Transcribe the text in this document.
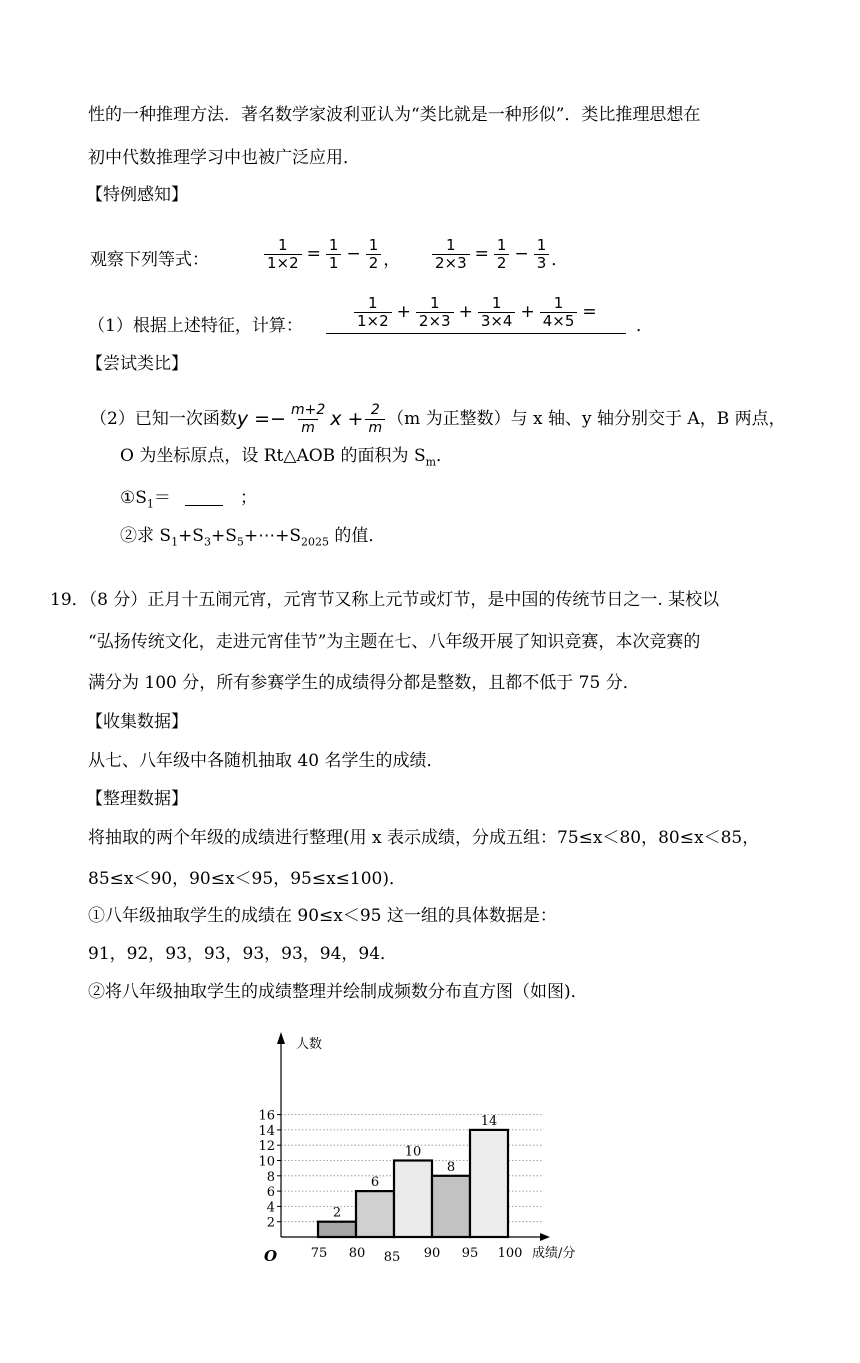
性的一种推理方法．著名数学家波利亚认为“类比就是一种形似”．类比推理思想在
初中代数推理学习中也被广泛应用．
【特例感知】
观察下列等式：	$\frac{1}{1\times 2} = \frac{1}{1} - \frac{1}{2}$ ， $\frac{1}{2\times 3} = \frac{1}{2} - \frac{1}{3}$ ．
（1）根据上述特征，计算：	$\frac{1}{1\times 2} + \frac{1}{2\times 3} + \frac{1}{3\times 4} + \frac{1}{4\times 5}$ =
．
【尝试类比】
（2）已知一次函数 $y =- \frac{m+2}{m}$ $x + \frac{2}{m} (m$ 为正整数）与 x 轴、y 轴分别交于 A，B 两点，
O 为坐标原点，设 Rt△AOB 的面积为 $S_m$．
$①S_1=$	；
②求 $S_1+S_3+S_5+\cdots+S_{2025}$ 的值．
19．（8 分）正月十五闹元宵，元宵节又称上元节或灯节，是中国的传统节日之一. 某校以
“弘扬传统文化，走进元宵佳节”为主题在七、八年级开展了知识竞赛，本次竞赛的
满分为 100 分，所有参赛学生的成绩得分都是整数，且都不低于 75 分．
【收集数据】
从七、八年级中各随机抽取 40 名学生的成绩．
【整理数据】
将抽取的两个年级的成绩进行整理(用 x 表示成绩，分成五组：75≤x＜80，80≤x＜85，
85≤x＜90，90≤x＜95，95≤x≤100)．
①八年级抽取学生的成绩在 90≤x＜95 这一组的具体数据是：
91，92，93，93，93，93，94，94．
②将八年级抽取学生的成绩整理并绘制成频数分布直方图（如图)．
2
4
6
8
10
12
14
16
2
6
10
8
14
75 80 85 90 95 100
人数
成绩/分
O
